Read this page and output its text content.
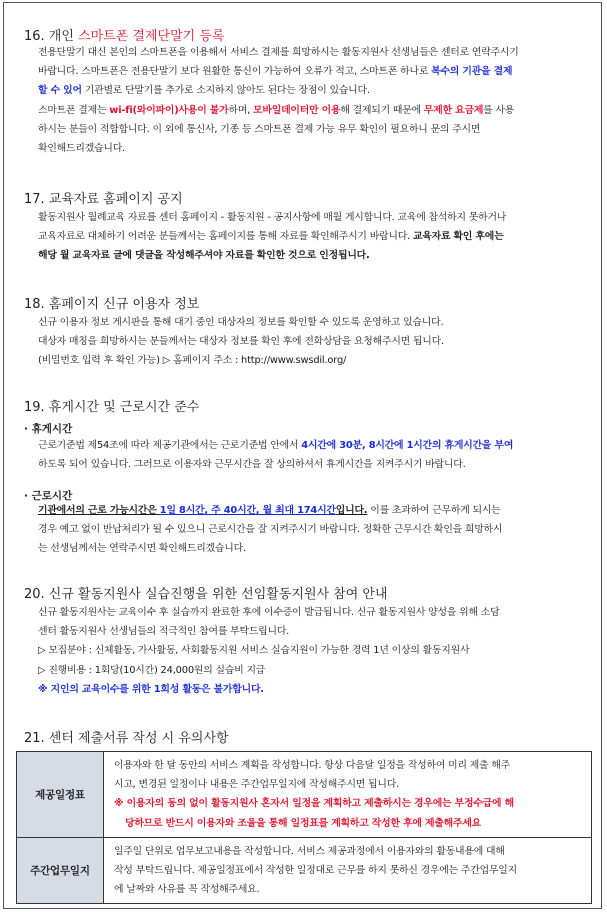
16. 개인 스마트폰 결제단말기 등록
전용단말기 대신 본인의 스마트폰을 이용해서 서비스 결제를 희망하시는 활동지원사 선생님들은 센터로 연락주시기
바랍니다. 스마트폰은 전용단말기 보다 원활한 통신이 가능하여 오류가 적고, 스마트폰 하나로 복수의 기관을 결제
할 수 있어 기관별로 단말기를 추가로 소지하지 않아도 된다는 장점이 있습니다.
스마트폰 결제는 wi-fi(와이파이)사용이 불가하며, 모바일데이터만 이용해 결제되기 때문에 무제한 요금제를 사용
하시는 분들이 적합합니다. 이 외에 통신사, 기종 등 스마트폰 결제 가능 유무 확인이 필요하니 문의 주시면
확인해드리겠습니다.
17. 교육자료 홈페이지 공지
활동지원사 월례교육 자료를 센터 홈페이지 - 활동지원 - 공지사항에 매월 게시합니다. 교육에 참석하지 못하거나
교육자료로 대체하기 어려운 분들께서는 홈페이지를 통해 자료를 확인해주시기 바랍니다. 교육자료 확인 후에는
해당 월 교육자료 글에 댓글을 작성해주셔야 자료를 확인한 것으로 인정됩니다.
18. 홈페이지 신규 이용자 정보
신규 이용자 정보 게시판을 통해 대기 중인 대상자의 정보를 확인할 수 있도록 운영하고 있습니다.
대상자 매칭을 희망하시는 분들께서는 대상자 정보를 확인 후에 전화상담을 요청해주시면 됩니다.
(비밀번호 입력 후 확인 가능) ▷ 홈페이지 주소 : http://www.swsdil.org/
19. 휴게시간 및 근로시간 준수
· 휴게시간
근로기준법 제54조에 따라 제공기관에서는 근로기준법 안에서 4시간에 30분, 8시간에 1시간의 휴게시간을 부여
하도록 되어 있습니다. 그러므로 이용자와 근무시간을 잘 상의하셔서 휴게시간을 지켜주시기 바랍니다.
· 근로시간
기관에서의 근로 가능시간은 1일 8시간, 주 40시간, 월 최대 174시간입니다. 이를 초과하여 근무하게 되시는
경우 예고 없이 반납처리가 될 수 있으니 근로시간을 잘 지켜주시기 바랍니다. 정확한 근무시간 확인을 희망하시
는 선생님께서는 연락주시면 확인해드리겠습니다.
20. 신규 활동지원사 실습진행을 위한 선임활동지원사 참여 안내
신규 활동지원사는 교육이수 후 실습까지 완료한 후에 이수증이 발급됩니다. 신규 활동지원사 양성을 위해 소담
센터 활동지원사 선생님들의 적극적인 참여를 부탁드립니다.
▷ 모집분야 : 신체활동, 가사활동, 사회활동지원 서비스 실습지원이 가능한 경력 1년 이상의 활동지원사
▷ 진행비용 : 1회당(10시간) 24,000원의 실습비 지급
※ 지인의 교육이수를 위한 1회성 활동은 불가합니다.
21. 센터 제출서류 작성 시 유의사항
제공일정표	이용자와 한 달 동안의 서비스 계획을 작성합니다. 항상 다음달 일정을 작성하여 미리 제출 해주
시고, 변경된 일정이나 내용은 주간업무일지에 작성해주시면 됩니다.
※ 이용자의 동의 없이 활동지원사 혼자서 일정을 계획하고 제출하시는 경우에는 부정수급에 해
당하므로 반드시 이용자와 조율을 통해 일정표를 계획하고 작성한 후에 제출해주세요

주간업무일지	일주일 단위로 업무보고내용을 작성합니다. 서비스 제공과정에서 이용자와의 활동내용에 대해
작성 부탁드립니다. 제공일정표에서 작성한 일정대로 근무를 하지 못하신 경우에는 주간업무일지
에 날짜와 사유를 꼭 작성해주세요.
